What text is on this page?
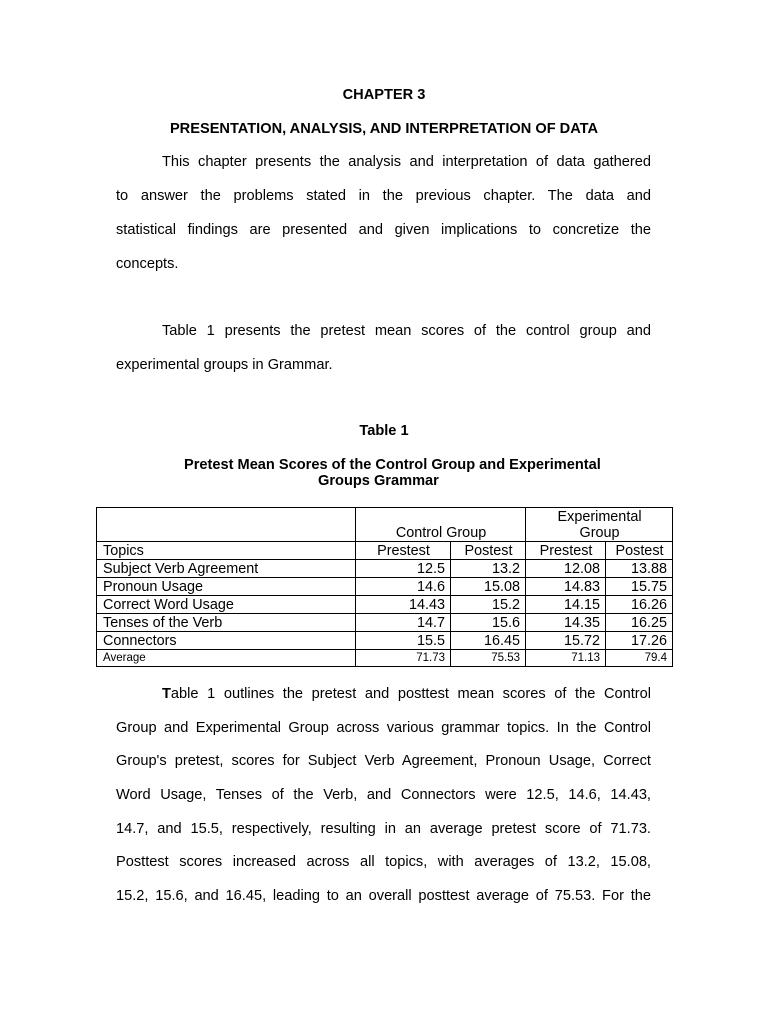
CHAPTER 3
PRESENTATION, ANALYSIS, AND INTERPRETATION OF DATA
This chapter presents the analysis and interpretation of data gathered
to answer the problems stated in the previous chapter. The data and
statistical findings are presented and given implications to concretize the
concepts.
Table 1 presents the pretest mean scores of the control group and
experimental groups in Grammar.
Table 1
Pretest Mean Scores of the Control Group and Experimental
Groups Grammar
	Control Group		Experimental
Group	

Topics	Prestest	Postest	Prestest	Postest
Subject Verb Agreement	12.5	13.2	12.08	13.88
Pronoun Usage	14.6	15.08	14.83	15.75
Correct Word Usage	14.43	15.2	14.15	16.26
Tenses of the Verb	14.7	15.6	14.35	16.25
Connectors	15.5	16.45	15.72	17.26
Average	71.73	75.53	71.13	79.4
Table 1 outlines the pretest and posttest mean scores of the Control
Group and Experimental Group across various grammar topics. In the Control
Group's pretest, scores for Subject Verb Agreement, Pronoun Usage, Correct
Word Usage, Tenses of the Verb, and Connectors were 12.5, 14.6, 14.43,
14.7, and 15.5, respectively, resulting in an average pretest score of 71.73.
Posttest scores increased across all topics, with averages of 13.2, 15.08,
15.2, 15.6, and 16.45, leading to an overall posttest average of 75.53. For the
